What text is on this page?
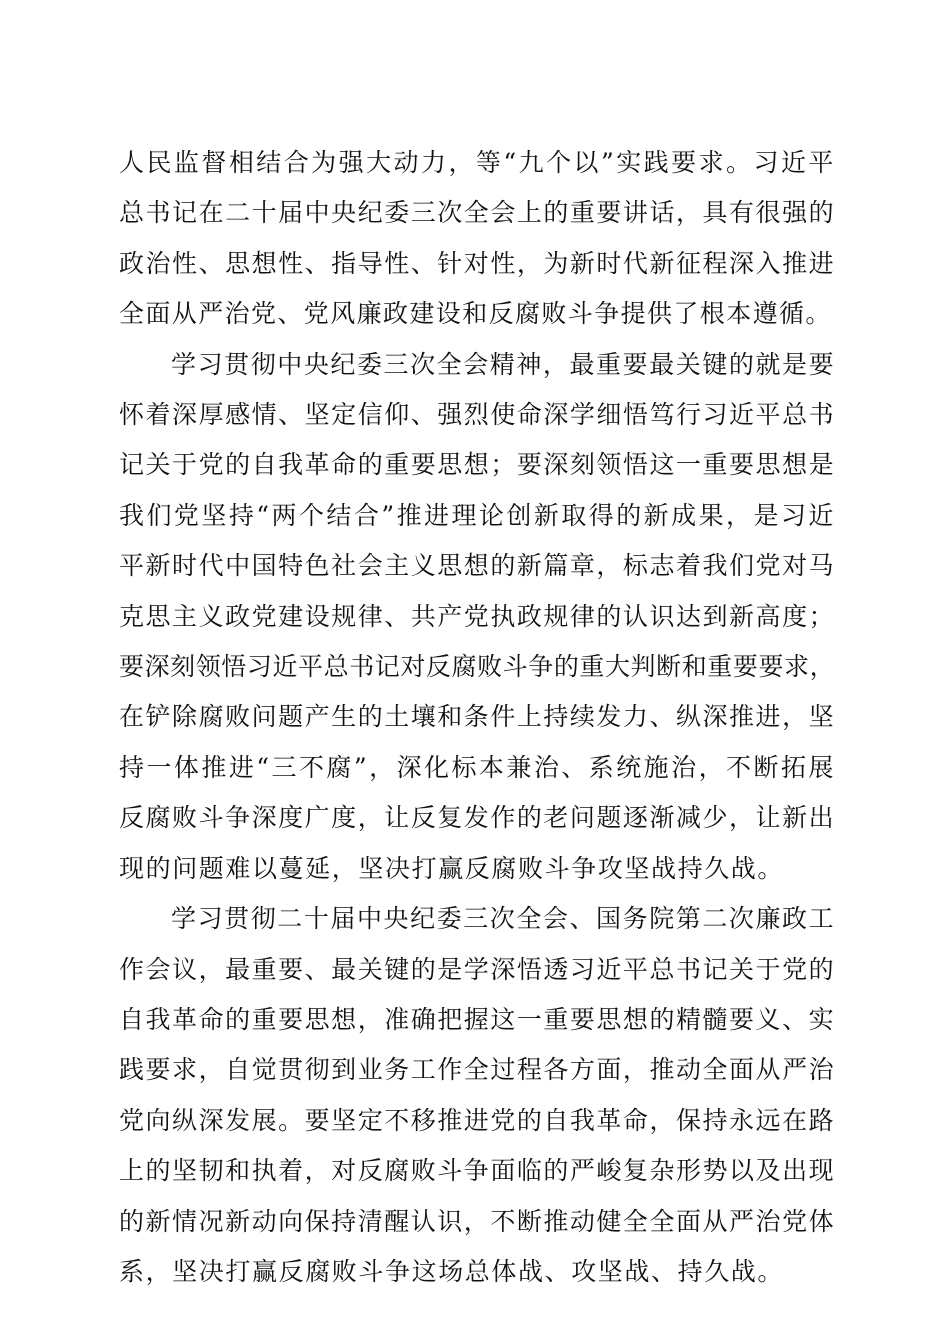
人民监督相结合为强大动力，等“九个以”实践要求。习近平
总书记在二十届中央纪委三次全会上的重要讲话，具有很强的
政治性、思想性、指导性、针对性，为新时代新征程深入推进
全面从严治党、党风廉政建设和反腐败斗争提供了根本遵循。

学习贯彻中央纪委三次全会精神，最重要最关键的就是要
怀着深厚感情、坚定信仰、强烈使命深学细悟笃行习近平总书
记关于党的自我革命的重要思想；要深刻领悟这一重要思想是
我们党坚持“两个结合”推进理论创新取得的新成果，是习近
平新时代中国特色社会主义思想的新篇章，标志着我们党对马
克思主义政党建设规律、共产党执政规律的认识达到新高度；
要深刻领悟习近平总书记对反腐败斗争的重大判断和重要要求，
在铲除腐败问题产生的土壤和条件上持续发力、纵深推进，坚
持一体推进“三不腐”，深化标本兼治、系统施治，不断拓展
反腐败斗争深度广度，让反复发作的老问题逐渐减少，让新出
现的问题难以蔓延，坚决打赢反腐败斗争攻坚战持久战。

学习贯彻二十届中央纪委三次全会、国务院第二次廉政工
作会议，最重要、最关键的是学深悟透习近平总书记关于党的
自我革命的重要思想，准确把握这一重要思想的精髓要义、实
践要求，自觉贯彻到业务工作全过程各方面，推动全面从严治
党向纵深发展。要坚定不移推进党的自我革命，保持永远在路
上的坚韧和执着，对反腐败斗争面临的严峻复杂形势以及出现
的新情况新动向保持清醒认识，不断推动健全全面从严治党体
系，坚决打赢反腐败斗争这场总体战、攻坚战、持久战。
